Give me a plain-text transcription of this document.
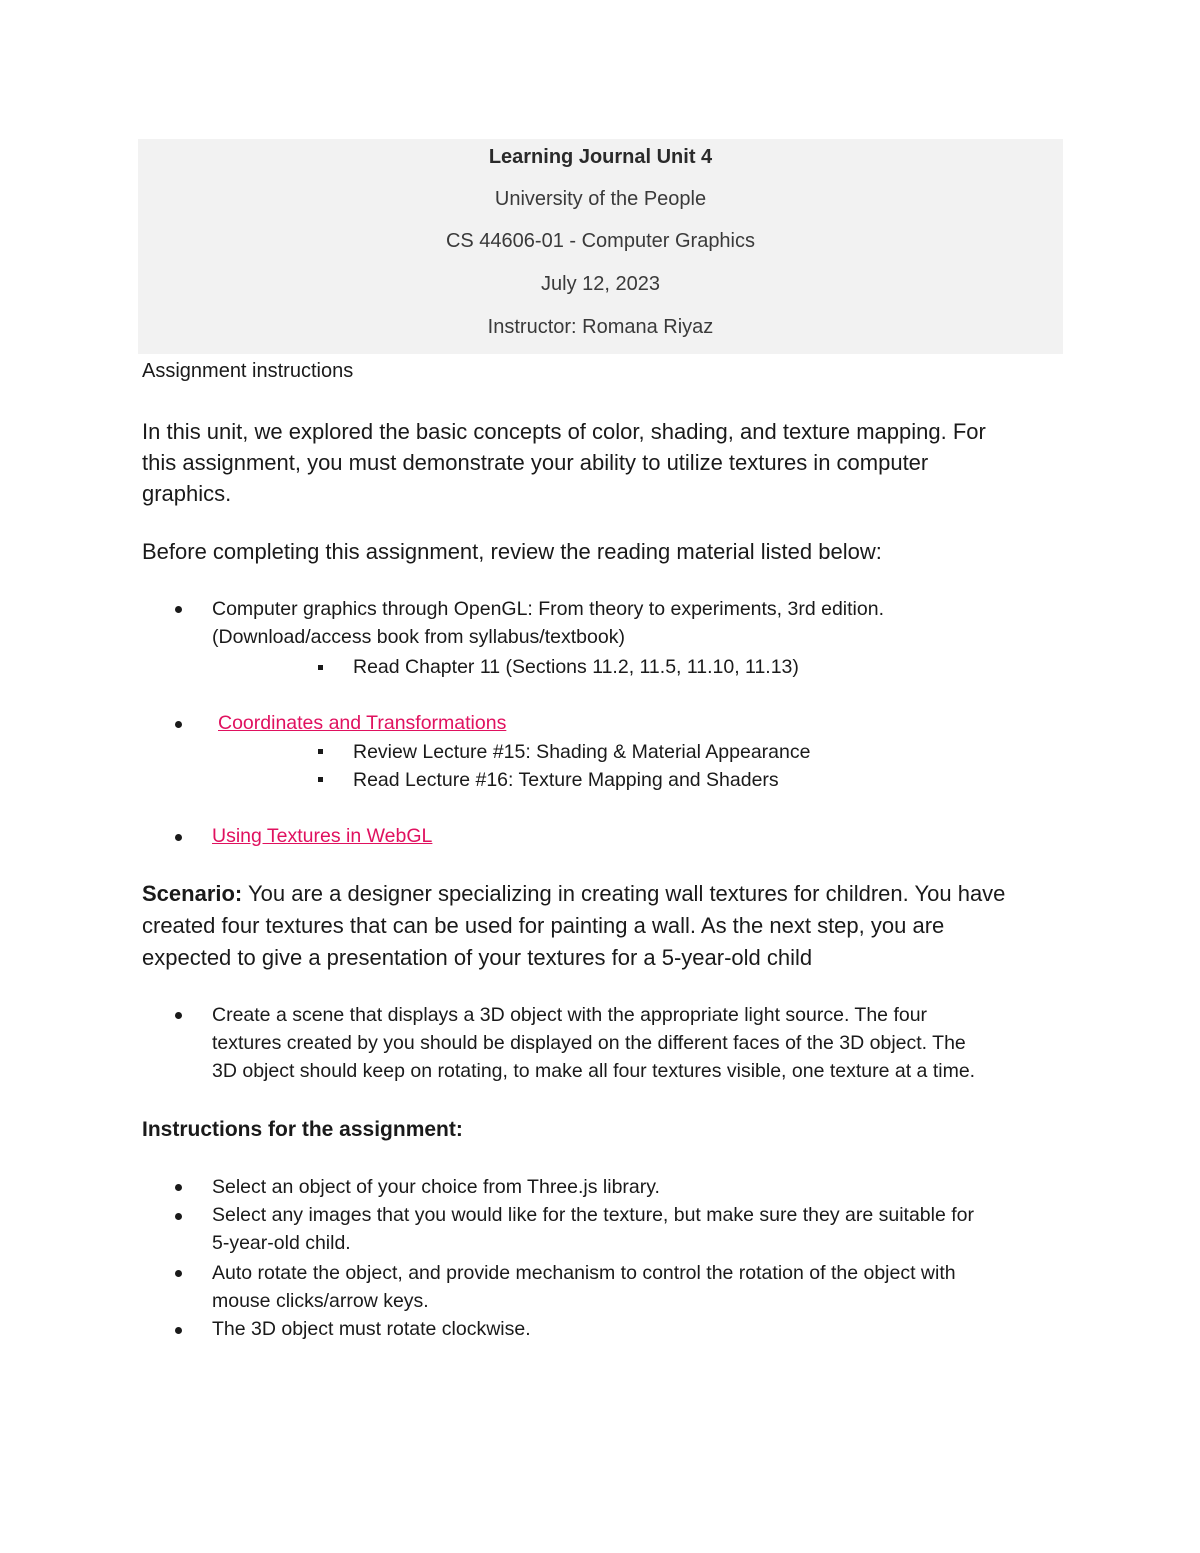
Learning Journal Unit 4
University of the People
CS 44606-01 - Computer Graphics
July 12, 2023
Instructor: Romana Riyaz
Assignment instructions
In this unit, we explored the basic concepts of color, shading, and texture mapping. For
this assignment, you must demonstrate your ability to utilize textures in computer
graphics.
Before completing this assignment, review the reading material listed below:
Computer graphics through OpenGL: From theory to experiments, 3rd edition.
(Download/access book from syllabus/textbook)
Read Chapter 11 (Sections 11.2, 11.5, 11.10, 11.13)
Coordinates and Transformations
Review Lecture #15: Shading & Material Appearance
Read Lecture #16: Texture Mapping and Shaders
Using Textures in WebGL
Scenario: You are a designer specializing in creating wall textures for children. You have
created four textures that can be used for painting a wall. As the next step, you are
expected to give a presentation of your textures for a 5-year-old child
Create a scene that displays a 3D object with the appropriate light source. The four
textures created by you should be displayed on the different faces of the 3D object. The
3D object should keep on rotating, to make all four textures visible, one texture at a time.
Instructions for the assignment:
Select an object of your choice from Three.js library.
Select any images that you would like for the texture, but make sure they are suitable for
5-year-old child.
Auto rotate the object, and provide mechanism to control the rotation of the object with
mouse clicks/arrow keys.
The 3D object must rotate clockwise.
